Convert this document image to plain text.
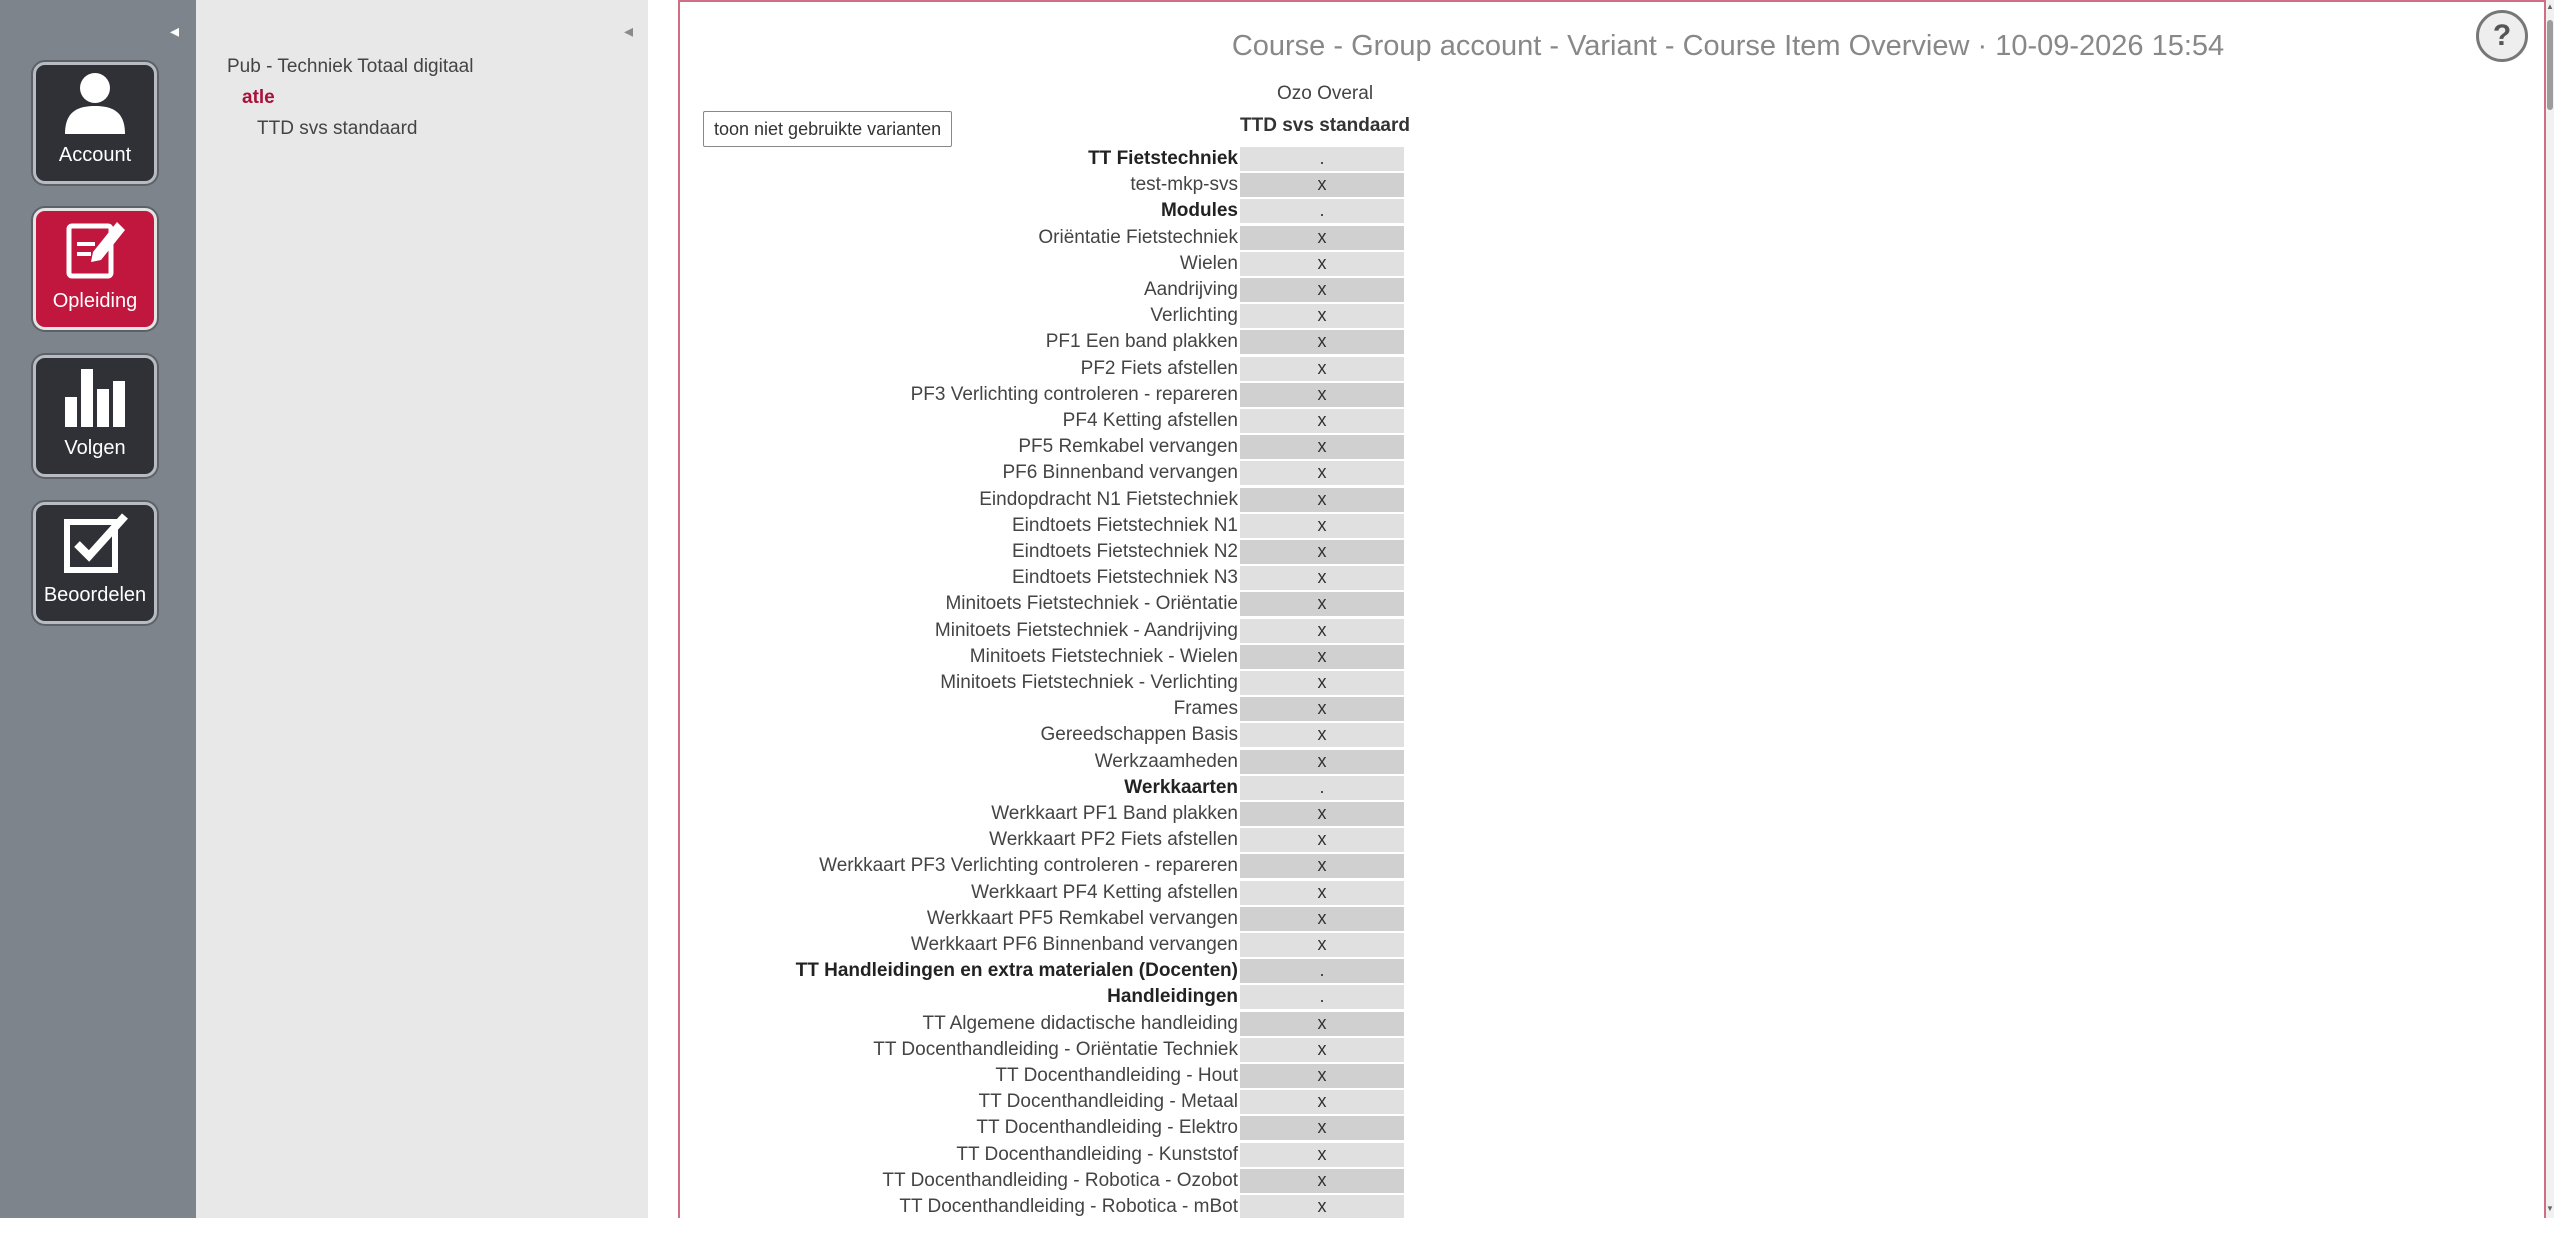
◂
Account
Opleiding
Volgen
Beoordelen
◂
Pub - Techniek Totaal digitaal
atle
TTD svs standaard
Course - Group account - Variant - Course Item Overview · 10-09-2026 15:54	?
Ozo Overal
TTD svs standaard
toon niet gebruikte varianten
TT Fietstechniek	.
test-mkp-svs	x
Modules	.
Oriëntatie Fietstechniek	x
Wielen	x
Aandrijving	x
Verlichting	x
PF1 Een band plakken	x
PF2 Fiets afstellen	x
PF3 Verlichting controleren - repareren	x
PF4 Ketting afstellen	x
PF5 Remkabel vervangen	x
PF6 Binnenband vervangen	x
Eindopdracht N1 Fietstechniek	x
Eindtoets Fietstechniek N1	x
Eindtoets Fietstechniek N2	x
Eindtoets Fietstechniek N3	x
Minitoets Fietstechniek - Oriëntatie	x
Minitoets Fietstechniek - Aandrijving	x
Minitoets Fietstechniek - Wielen	x
Minitoets Fietstechniek - Verlichting	x
Frames	x
Gereedschappen Basis	x
Werkzaamheden	x
Werkkaarten	.
Werkkaart PF1 Band plakken	x
Werkkaart PF2 Fiets afstellen	x
Werkkaart PF3 Verlichting controleren - repareren	x
Werkkaart PF4 Ketting afstellen	x
Werkkaart PF5 Remkabel vervangen	x
Werkkaart PF6 Binnenband vervangen	x
TT Handleidingen en extra materialen (Docenten)	.
Handleidingen	.
TT Algemene didactische handleiding	x
TT Docenthandleiding - Oriëntatie Techniek	x
TT Docenthandleiding - Hout	x
TT Docenthandleiding - Metaal	x
TT Docenthandleiding - Elektro	x
TT Docenthandleiding - Kunststof	x
TT Docenthandleiding - Robotica - Ozobot	x
TT Docenthandleiding - Robotica - mBot	x
▲
▼
